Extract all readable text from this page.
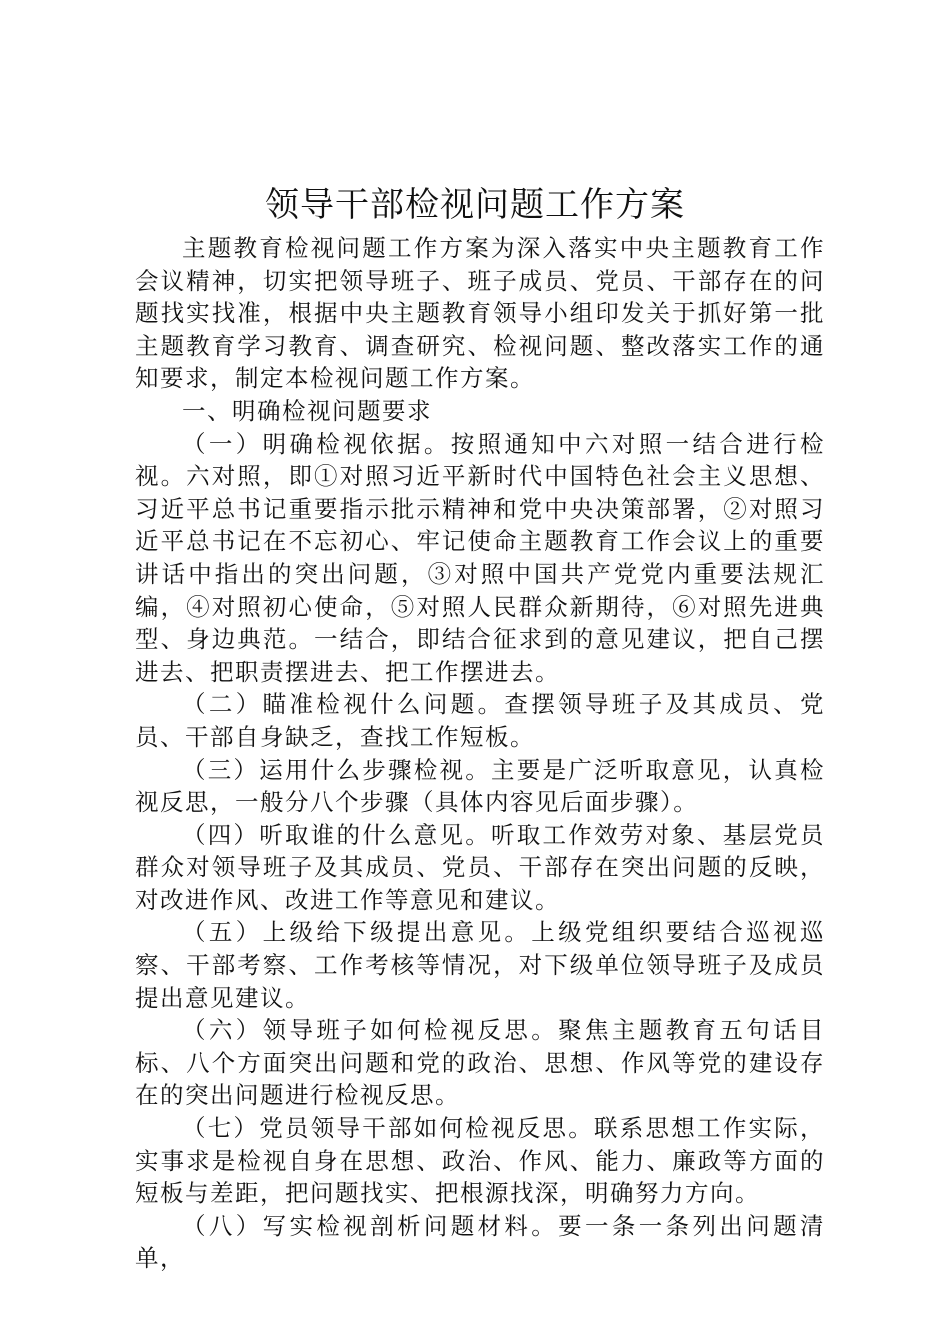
领导干部检视问题工作方案

主题教育检视问题工作方案为深入落实中央主题教育工作会议精神，切实把领导班子、班子成员、党员、干部存在的问题找实找准，根据中央主题教育领导小组印发关于抓好第一批主题教育学习教育、调查研究、检视问题、整改落实工作的通知要求，制定本检视问题工作方案。

一、明确检视问题要求

（一）明确检视依据。按照通知中六对照一结合进行检视。六对照，即①对照习近平新时代中国特色社会主义思想、习近平总书记重要指示批示精神和党中央决策部署，②对照习近平总书记在不忘初心、牢记使命主题教育工作会议上的重要讲话中指出的突出问题，③对照中国共产党党内重要法规汇编，④对照初心使命，⑤对照人民群众新期待，⑥对照先进典型、身边典范。一结合，即结合征求到的意见建议，把自己摆进去、把职责摆进去、把工作摆进去。

（二）瞄准检视什么问题。查摆领导班子及其成员、党员、干部自身缺乏，查找工作短板。

（三）运用什么步骤检视。主要是广泛听取意见，认真检视反思，一般分八个步骤（具体内容见后面步骤）。

（四）听取谁的什么意见。听取工作效劳对象、基层党员群众对领导班子及其成员、党员、干部存在突出问题的反映，对改进作风、改进工作等意见和建议。

（五）上级给下级提出意见。上级党组织要结合巡视巡察、干部考察、工作考核等情况，对下级单位领导班子及成员提出意见建议。

（六）领导班子如何检视反思。聚焦主题教育五句话目标、八个方面突出问题和党的政治、思想、作风等党的建设存在的突出问题进行检视反思。

（七）党员领导干部如何检视反思。联系思想工作实际，实事求是检视自身在思想、政治、作风、能力、廉政等方面的短板与差距，把问题找实、把根源找深，明确努力方向。

（八）写实检视剖析问题材料。要一条一条列出问题清单，
